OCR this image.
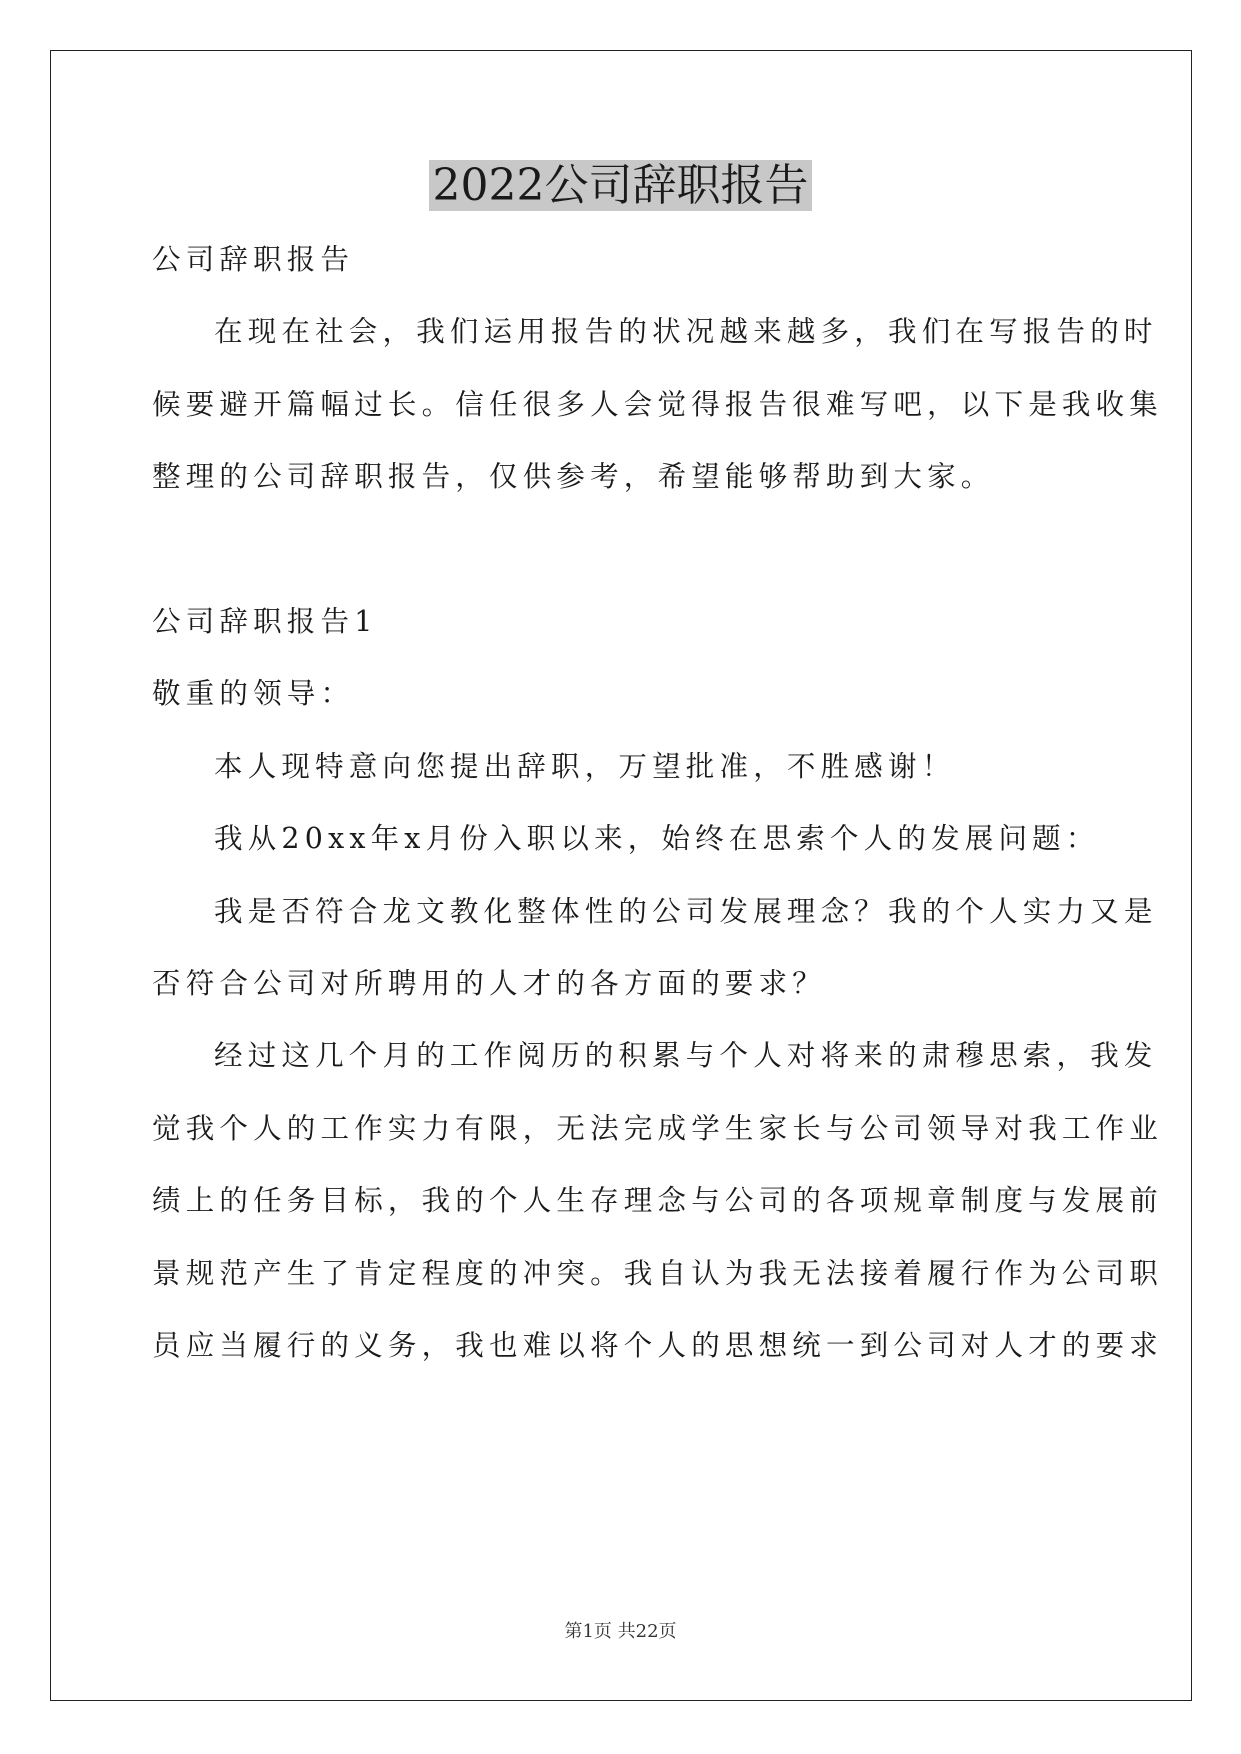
2022公司辞职报告
公司辞职报告
在现在社会，我们运用报告的状况越来越多，我们在写报告的时
候要避开篇幅过长。信任很多人会觉得报告很难写吧，以下是我收集
整理的公司辞职报告，仅供参考，希望能够帮助到大家。
公司辞职报告1
敬重的领导：
本人现特意向您提出辞职，万望批准，不胜感谢！
我从20xx年x月份入职以来，始终在思索个人的发展问题：
我是否符合龙文教化整体性的公司发展理念？我的个人实力又是
否符合公司对所聘用的人才的各方面的要求？
经过这几个月的工作阅历的积累与个人对将来的肃穆思索，我发
觉我个人的工作实力有限，无法完成学生家长与公司领导对我工作业
绩上的任务目标，我的个人生存理念与公司的各项规章制度与发展前
景规范产生了肯定程度的冲突。我自认为我无法接着履行作为公司职
员应当履行的义务，我也难以将个人的思想统一到公司对人才的要求
第1页 共22页
